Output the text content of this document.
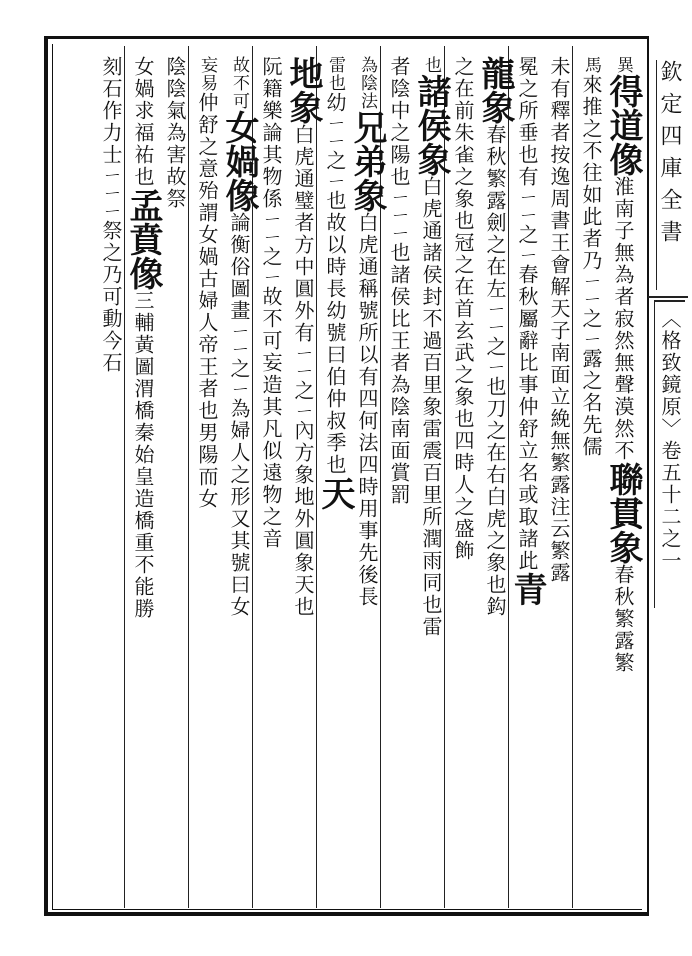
異得道像淮南子無為者寂然無聲漠然不聯貫象春秋繁露繁
馬來推之不往如此者乃ㄧㄧ之ㄧ露之名先儒
未有釋者按逸周書王會解天子南面立絻無繁露注云繁露
冕之所垂也有ㄧㄧ之ㄧ春秋屬辭比事仲舒立名或取諸此青
龍象春秋繁露劍之在左ㄧㄧ之ㄧ也刀之在右白虎之象也鈎
之在前朱雀之象也冠之在首玄武之象也四時人之盛飾
也諸侯象白虎通諸侯封不過百里象雷震百里所潤雨同也雷
者陰中之陽也ㄧㄧㄧ也諸侯比王者為陰南面賞罰
為陰法兄弟象白虎通稱號所以有四何法四時用事先後長
雷也幼ㄧㄧ之ㄧ也故以時長幼號曰伯仲叔季也天
地象白虎通璧者方中圓外有ㄧㄧ之ㄧ內方象地外圓象天也
阮籍樂論其物係ㄧㄧ之ㄧ故不可妄造其凡似遠物之音
故不可女媧像論衡俗圖畫ㄧㄧ之ㄧ為婦人之形又其號曰女
妄易仲舒之意殆謂女媧古婦人帝王者也男陽而女
陰陰氣為害故祭
女媧求福祐也孟賁像三輔黃圖渭橋秦始皇造橋重不能勝
刻石作力士ㄧㄧㄧ祭之乃可動今石	欽定四庫全書
〈格致鏡原〉卷五十二之一
